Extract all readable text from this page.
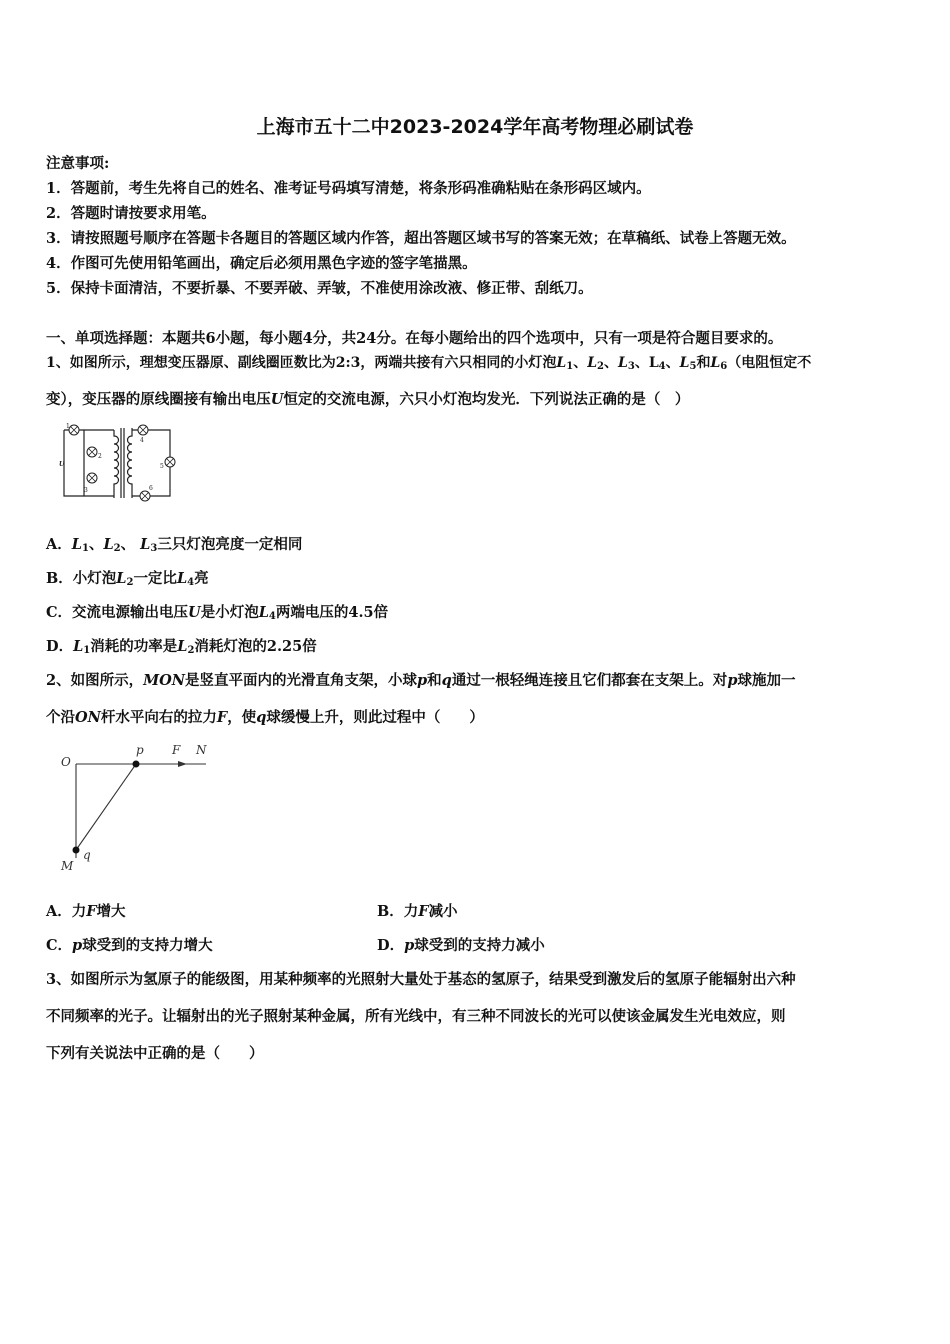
上海市五十二中2023-2024学年高考物理必刷试卷
注意事项:
1．答题前，考生先将自己的姓名、准考证号码填写清楚，将条形码准确粘贴在条形码区域内。
2．答题时请按要求用笔。
3．请按照题号顺序在答题卡各题目的答题区域内作答，超出答题区域书写的答案无效；在草稿纸、试卷上答题无效。
4．作图可先使用铅笔画出，确定后必须用黑色字迹的签字笔描黑。
5．保持卡面清洁，不要折暴、不要弄破、弄皱，不准使用涂改液、修正带、刮纸刀。
一、单项选择题：本题共6小题，每小题4分，共24分。在每小题给出的四个选项中，只有一项是符合题目要求的。
1、如图所示，理想变压器原、副线圈匝数比为2:3，两端共接有六只相同的小灯泡$L_1$、$L_2$、$L_3$、$L_4$、$L_5$和$L_6$（电阻恒定不
变），变压器的原线圈接有输出电压U恒定的交流电源，六只小灯泡均发光．下列说法正确的是（　）
U
1
2
3
4
5
6
A．$L_1$、$L_2$、 $L_3$三只灯泡亮度一定相同
B．小灯泡$L_2$一定比$L_4$亮
C．交流电源输出电压U是小灯泡$L_4$两端电压的4.5倍
D．$L_1$消耗的功率是$L_2$消耗灯泡的2.25倍
2、如图所示，MON是竖直平面内的光滑直角支架，小球p和q通过一根轻绳连接且它们都套在支架上。对p球施加一
个沿ON杆水平向右的拉力F，使q球缓慢上升，则此过程中（　　）
O
p F N
M
q
A．力F增大	B．力F减小
C．p球受到的支持力增大	D．p球受到的支持力减小
3、如图所示为氢原子的能级图，用某种频率的光照射大量处于基态的氢原子，结果受到激发后的氢原子能辐射出六种
不同频率的光子。让辐射出的光子照射某种金属，所有光线中，有三种不同波长的光可以使该金属发生光电效应，则
下列有关说法中正确的是（　　）
